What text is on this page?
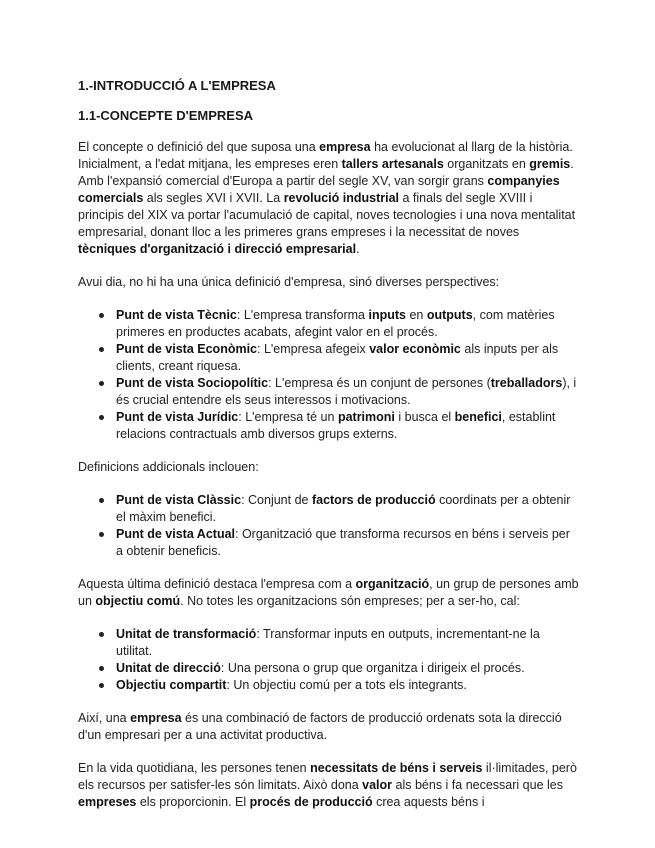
1.-INTRODUCCIÓ A L'EMPRESA
1.1-CONCEPTE D'EMPRESA

El concepte o definició del que suposa una empresa ha evolucionat al llarg de la història. Inicialment, a l'edat mitjana, les empreses eren tallers artesanals organitzats en gremis. Amb l'expansió comercial d'Europa a partir del segle XV, van sorgir grans companyies comercials als segles XVI i XVII. La revolució industrial a finals del segle XVIII i principis del XIX va portar l'acumulació de capital, noves tecnologies i una nova mentalitat empresarial, donant lloc a les primeres grans empreses i la necessitat de noves tècniques d'organització i direcció empresarial.

Avui dia, no hi ha una única definició d'empresa, sinó diverses perspectives:

Punt de vista Tècnic: L'empresa transforma inputs en outputs, com matèries primeres en productes acabats, afegint valor en el procés.
Punt de vista Econòmic: L'empresa afegeix valor econòmic als inputs per als clients, creant riquesa.
Punt de vista Sociopolític: L'empresa és un conjunt de persones (treballadors), i és crucial entendre els seus interessos i motivacions.
Punt de vista Jurídic: L'empresa té un patrimoni i busca el benefici, establint relacions contractuals amb diversos grups externs.

Definicions addicionals inclouen:

Punt de vista Clàssic: Conjunt de factors de producció coordinats per a obtenir el màxim benefici.
Punt de vista Actual: Organització que transforma recursos en béns i serveis per a obtenir beneficis.

Aquesta última definició destaca l'empresa com a organització, un grup de persones amb un objectiu comú. No totes les organitzacions són empreses; per a ser-ho, cal:

Unitat de transformació: Transformar inputs en outputs, incrementant-ne la utilitat.
Unitat de direcció: Una persona o grup que organitza i dirigeix el procés.
Objectiu compartit: Un objectiu comú per a tots els integrants.

Així, una empresa és una combinació de factors de producció ordenats sota la direcció d'un empresari per a una activitat productiva.

En la vida quotidiana, les persones tenen necessitats de béns i serveis il·limitades, però els recursos per satisfer-les són limitats. Això dona valor als béns i fa necessari que les empreses els proporcionin. El procés de producció crea aquests béns i
